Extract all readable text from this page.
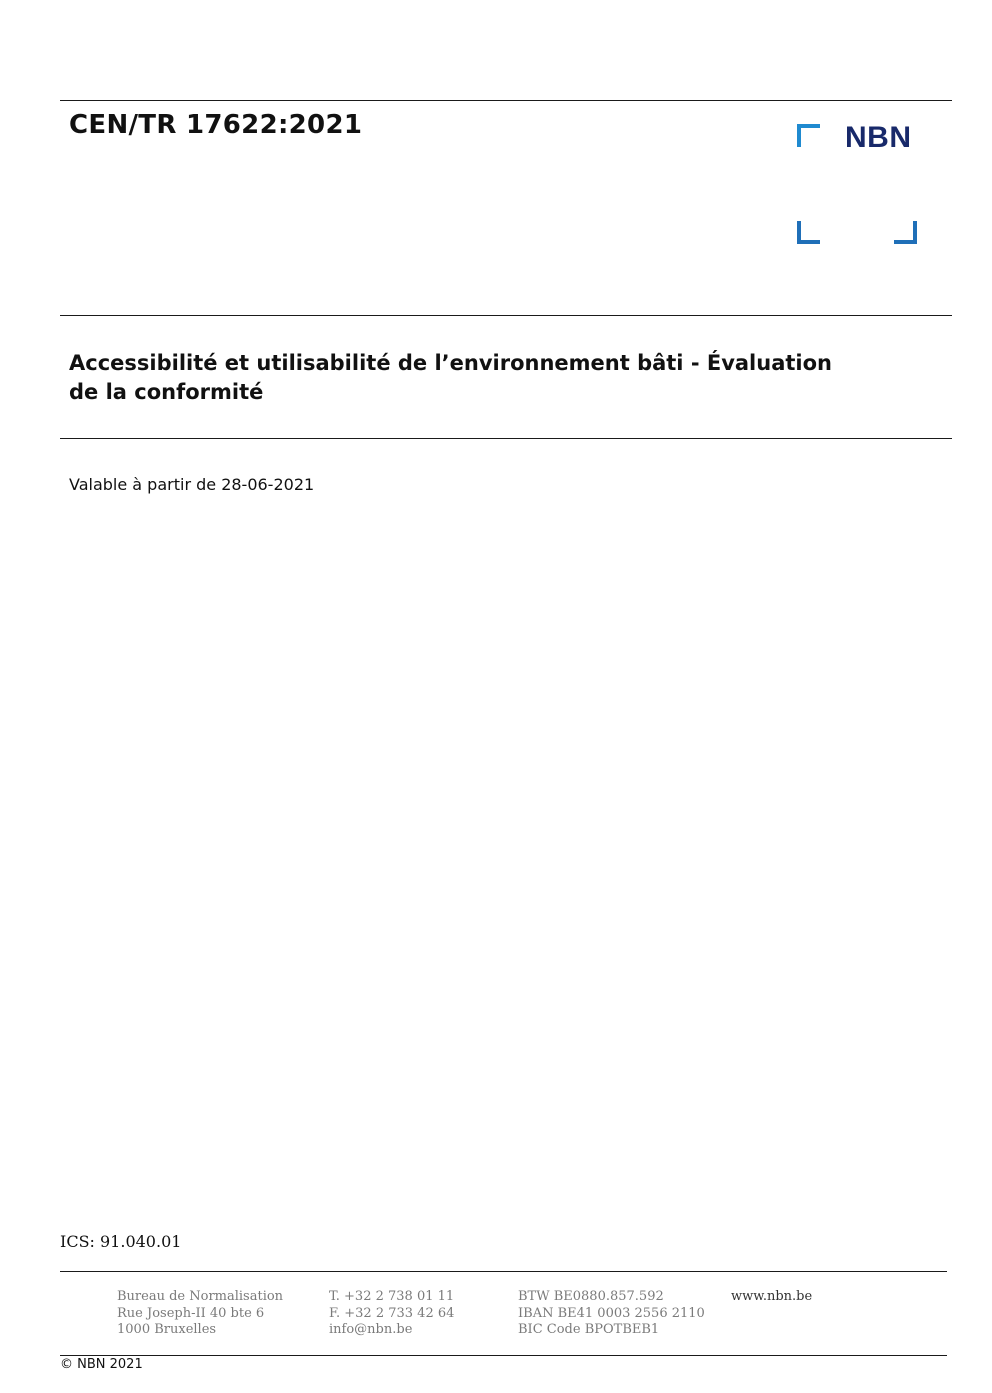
CEN/TR 17622:2021	NBN
Accessibilité et utilisabilité de l’environnement bâti - Évaluation
de la conformité
Valable à partir de 28-06-2021
ICS: 91.040.01
Bureau de Normalisation
Rue Joseph-II 40 bte 6
1000 Bruxelles
T. +32 2 738 01 11
F. +32 2 733 42 64
info@nbn.be
BTW BE0880.857.592
IBAN BE41 0003 2556 2110
BIC Code BPOTBEB1
www.nbn.be
© NBN 2021
